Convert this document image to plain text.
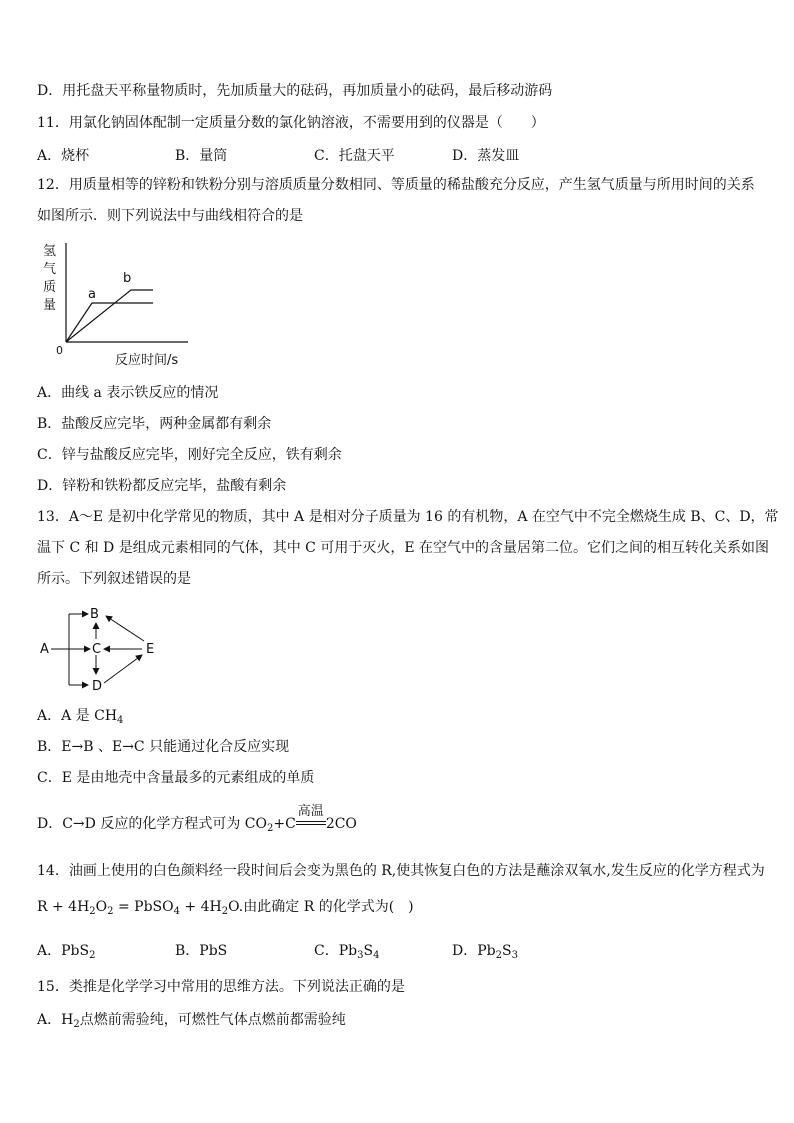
D．用托盘天平称量物质时，先加质量大的砝码，再加质量小的砝码，最后移动游码
11．用氯化钠固体配制一定质量分数的氯化钠溶液，不需要用到的仪器是（　　）
A．烧杯	B．量筒	C．托盘天平	D．蒸发皿
12．用质量相等的锌粉和铁粉分别与溶质质量分数相同、等质量的稀盐酸充分反应，产生氢气质量与所用时间的关系
如图所示．则下列说法中与曲线相符合的是
氢
气
质
量
a
b
0
反应时间/s
A．曲线 a 表示铁反应的情况
B．盐酸反应完毕，两种金属都有剩余
C．锌与盐酸反应完毕，刚好完全反应，铁有剩余
D．锌粉和铁粉都反应完毕，盐酸有剩余
13．A～E 是初中化学常见的物质，其中 A 是相对分子质量为 16 的有机物，A 在空气中不完全燃烧生成 B、C、D，常
温下 C 和 D 是组成元素相同的气体，其中 C 可用于灭火，E 在空气中的含量居第二位。它们之间的相互转化关系如图
所示。下列叙述错误的是
A
B
C
D
E
A．A 是 $CH_4$
B．E→B 、E→C 只能通过化合反应实现
C．E 是由地壳中含量最多的元素组成的单质
D．C→D 反应的化学方程式可为 $CO_2+C$
高温
2CO
14．油画上使用的白色颜料经一段时间后会变为黑色的 R,使其恢复白色的方法是蘸涂双氧水,发生反应的化学方程式为
$R + 4H_2O_2$ = PbSO$_4$ + $4H_2O$.由此确定 R 的化学式为( )
A．PbS$_2$	B．PbS	C．$Pb_3S_4$	D．$Pb_2S_3$
15．类推是化学学习中常用的思维方法。下列说法正确的是
A．$H_2$点燃前需验纯，可燃性气体点燃前都需验纯
